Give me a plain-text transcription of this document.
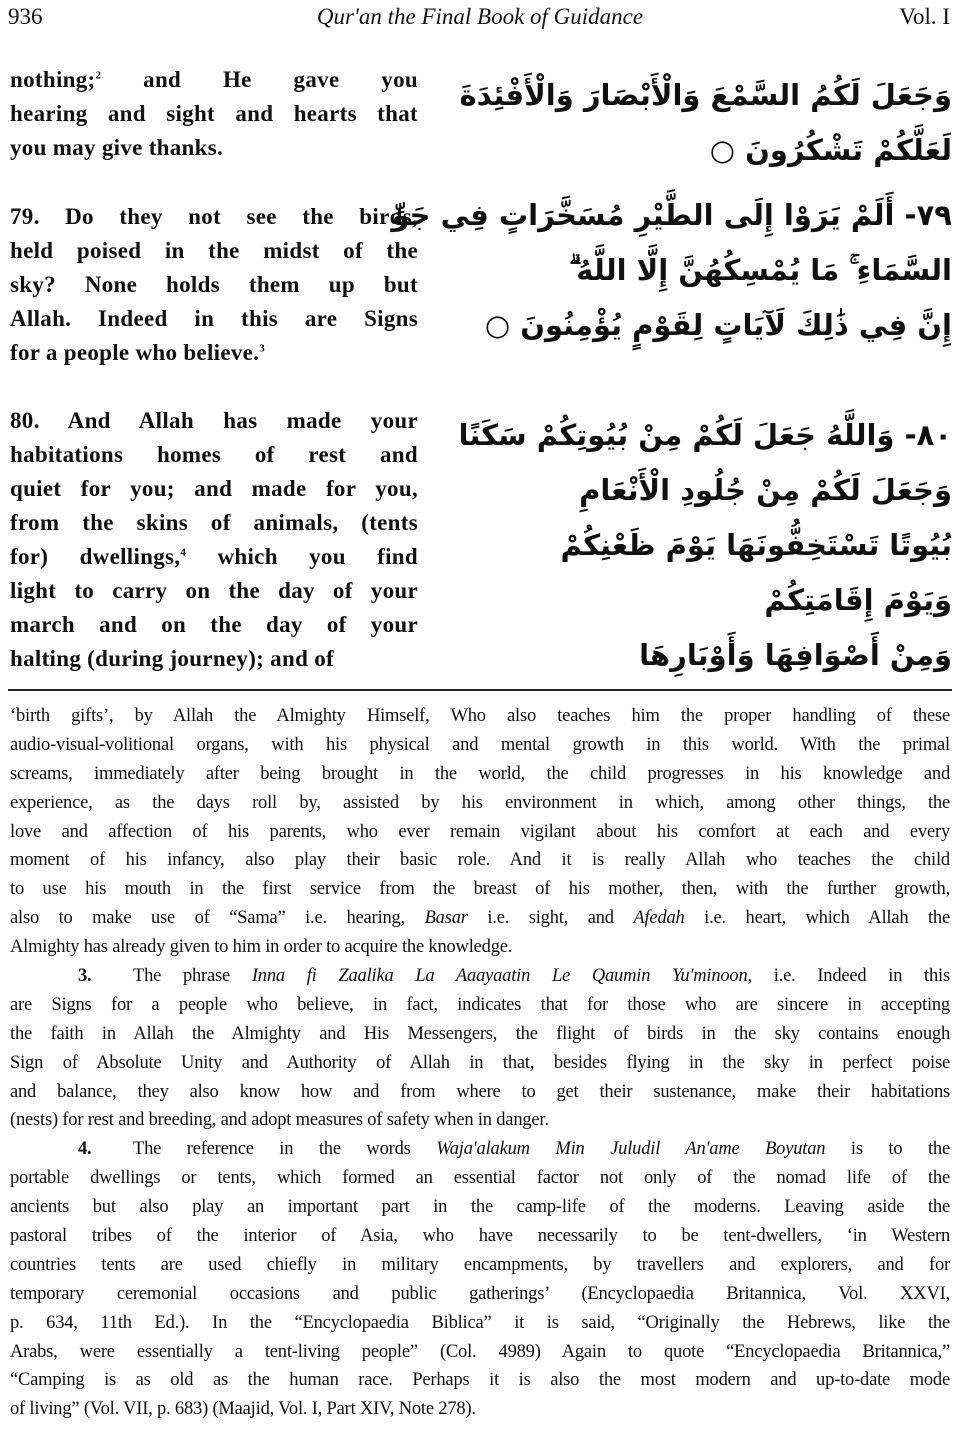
936	Qur'an the Final Book of Guidance	Vol. I
nothing;$^2$ and He gave you
hearing and sight and hearts that
you may give thanks.
79. Do they not see the birds,
held poised in the midst of the
sky? None holds them up but
Allah. Indeed in this are Signs
for a people who believe.$^3$
80. And Allah has made your
habitations homes of rest and
quiet for you; and made for you,
from the skins of animals, (tents
for) dwellings,$^4$ which you find
light to carry on the day of your
march and on the day of your
halting (during journey); and of
وَجَعَلَ لَكُمُ السَّمْعَ وَالْأَبْصَارَ وَالْأَفْئِدَةَ
لَعَلَّكُمْ تَشْكُرُونَ ○
٧٩- أَلَمْ يَرَوْا إِلَى الطَّيْرِ مُسَخَّرَاتٍ فِي جَوِّ
السَّمَاءِ ۚ مَا يُمْسِكُهُنَّ إِلَّا اللَّهُ ۗ
إِنَّ فِي ذَٰلِكَ لَآيَاتٍ لِقَوْمٍ يُؤْمِنُونَ ○
٨٠- وَاللَّهُ جَعَلَ لَكُمْ مِنْ بُيُوتِكُمْ سَكَنًا
وَجَعَلَ لَكُمْ مِنْ جُلُودِ الْأَنْعَامِ
بُيُوتًا تَسْتَخِفُّونَهَا يَوْمَ ظَعْنِكُمْ
وَيَوْمَ إِقَامَتِكُمْ
وَمِنْ أَصْوَافِهَا وَأَوْبَارِهَا
‘birth gifts’, by Allah the Almighty Himself, Who also teaches him the proper handling of these
audio-visual-volitional organs, with his physical and mental growth in this world. With the primal
screams, immediately after being brought in the world, the child progresses in his knowledge and
experience, as the days roll by, assisted by his environment in which, among other things, the
love and affection of his parents, who ever remain vigilant about his comfort at each and every
moment of his infancy, also play their basic role. And it is really Allah who teaches the child
to use his mouth in the first service from the breast of his mother, then, with the further growth,
also to make use of “Sama” i.e. hearing, Basar i.e. sight, and Afedah i.e. heart, which Allah the
Almighty has already given to him in order to acquire the knowledge.
3. The phrase Inna fi Zaalika La Aaayaatin Le Qaumin Yu'minoon, i.e. Indeed in this
are Signs for a people who believe, in fact, indicates that for those who are sincere in accepting
the faith in Allah the Almighty and His Messengers, the flight of birds in the sky contains enough
Sign of Absolute Unity and Authority of Allah in that, besides flying in the sky in perfect poise
and balance, they also know how and from where to get their sustenance, make their habitations
(nests) for rest and breeding, and adopt measures of safety when in danger.
4. The reference in the words Waja'alakum Min Juludil An'ame Boyutan is to the
portable dwellings or tents, which formed an essential factor not only of the nomad life of the
ancients but also play an important part in the camp-life of the moderns. Leaving aside the
pastoral tribes of the interior of Asia, who have necessarily to be tent-dwellers, ‘in Western
countries tents are used chiefly in military encampments, by travellers and explorers, and for
temporary ceremonial occasions and public gatherings’ (Encyclopaedia Britannica, Vol. XXVI,
p. 634, 11th Ed.). In the “Encyclopaedia Biblica” it is said, “Originally the Hebrews, like the
Arabs, were essentially a tent-living people” (Col. 4989) Again to quote “Encyclopaedia Britannica,”
“Camping is as old as the human race. Perhaps it is also the most modern and up-to-date mode
of living” (Vol. VII, p. 683) (Maajid, Vol. I, Part XIV, Note 278).
